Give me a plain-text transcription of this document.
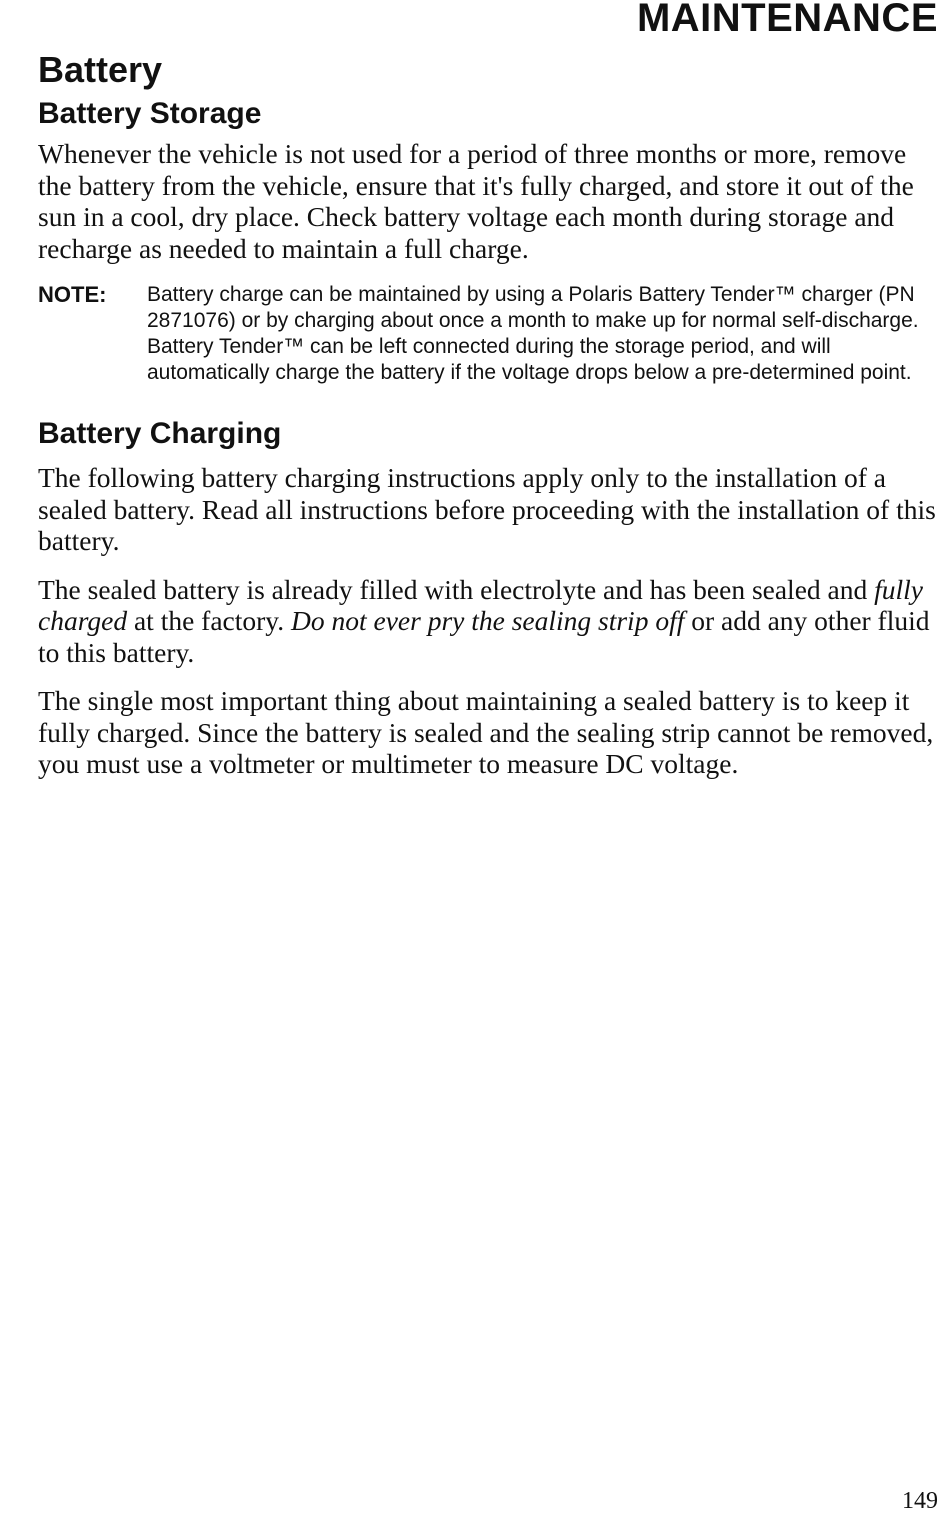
MAINTENANCE
Battery
Battery Storage

Whenever the vehicle is not used for a period of three months or more, remove the battery from the vehicle, ensure that it's fully charged, and store it out of the sun in a cool, dry place. Check battery voltage each month during storage and recharge as needed to maintain a full charge.

NOTE:	Battery charge can be maintained by using a Polaris Battery Tender™ charger (PN 2871076) or by charging about once a month to make up for normal self-discharge. Battery Tender™ can be left connected during the storage period, and will automatically charge the battery if the voltage drops below a pre-determined point.
Battery Charging

The following battery charging instructions apply only to the installation of a sealed battery. Read all instructions before proceeding with the installation of this battery.

The sealed battery is already filled with electrolyte and has been sealed and fully charged at the factory. Do not ever pry the sealing strip off or add any other fluid to this battery.

The single most important thing about maintaining a sealed battery is to keep it fully charged. Since the battery is sealed and the sealing strip cannot be removed, you must use a voltmeter or multimeter to measure DC voltage.

149
